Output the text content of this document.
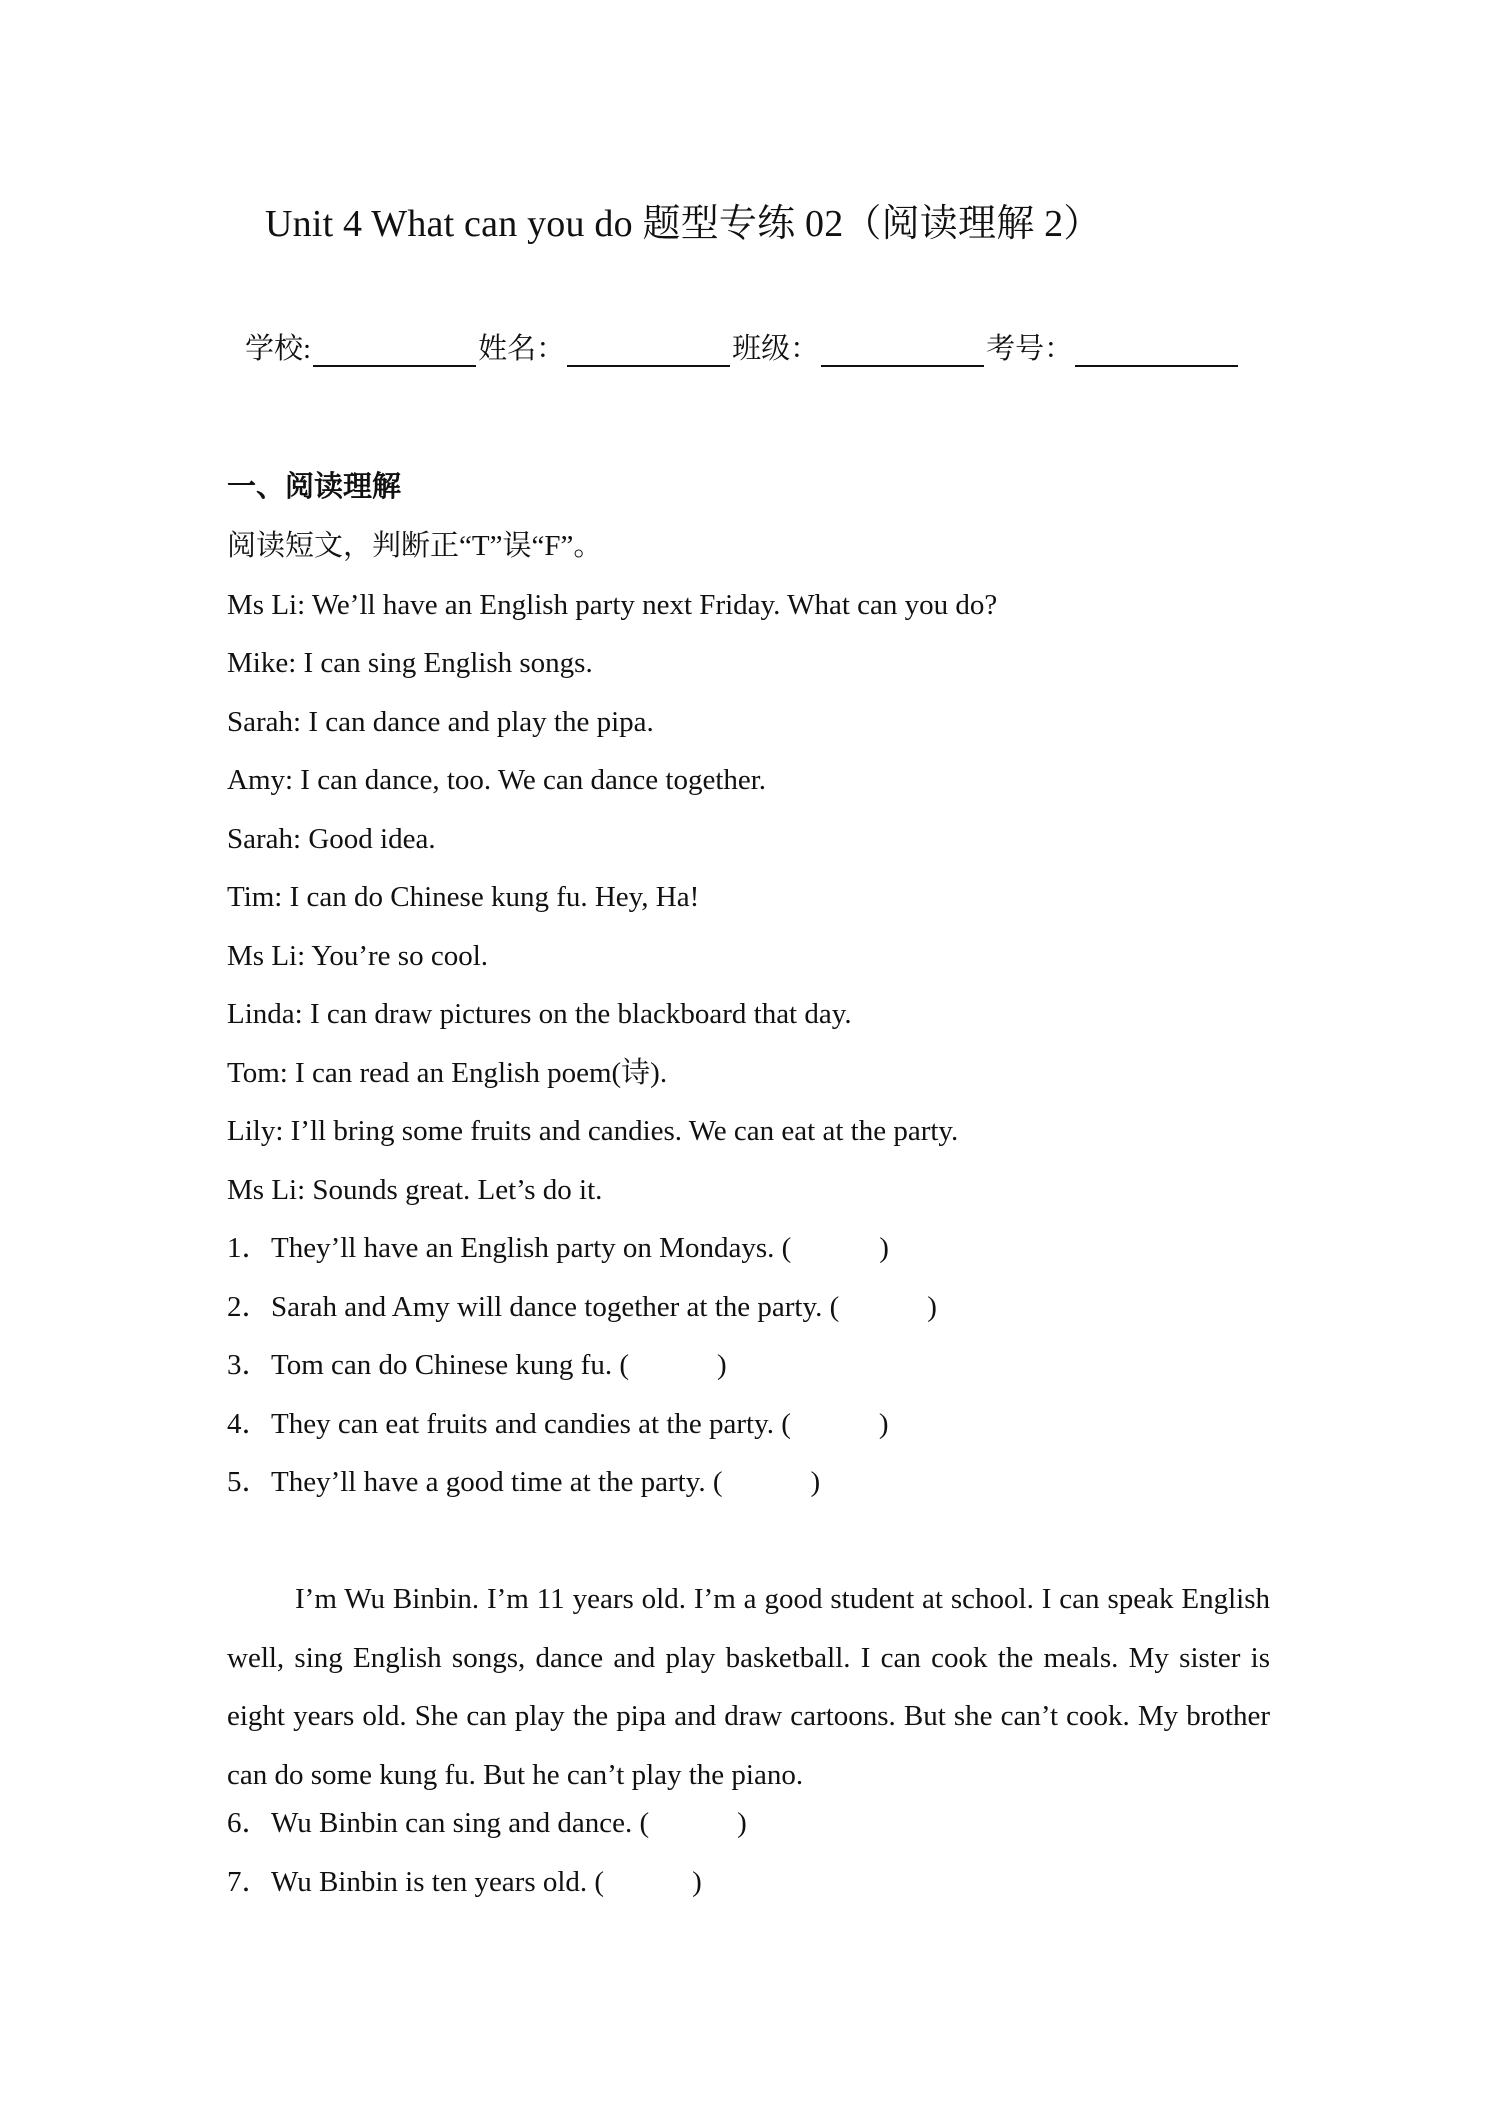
Unit 4 What can you do 题型专练 02（阅读理解 2）
学校:	姓名：	班级：	考号：
一、阅读理解
阅读短文，判断正“T”误“F”。
Ms Li: We’ll have an English party next Friday. What can you do?
Mike: I can sing English songs.
Sarah: I can dance and play the pipa.
Amy: I can dance, too. We can dance together.
Sarah: Good idea.
Tim: I can do Chinese kung fu. Hey, Ha!
Ms Li: You’re so cool.
Linda: I can draw pictures on the blackboard that day.
Tom: I can read an English poem(诗).
Lily: I’ll bring some fruits and candies. We can eat at the party.
Ms Li: Sounds great. Let’s do it.
1．They’ll have an English party on Mondays. (	)
2．Sarah and Amy will dance together at the party. (	)
3．Tom can do Chinese kung fu. (	)
4．They can eat fruits and candies at the party. (	)
5．They’ll have a good time at the party. (	)
I’m Wu Binbin. I’m 11 years old. I’m a good student at school. I can speak English well, sing English songs, dance and play basketball. I can cook the meals. My sister is eight years old. She can play the pipa and draw cartoons. But she can’t cook. My brother can do some kung fu. But he can’t play the piano.
6．Wu Binbin can sing and dance. (	)
7．Wu Binbin is ten years old. (	)
